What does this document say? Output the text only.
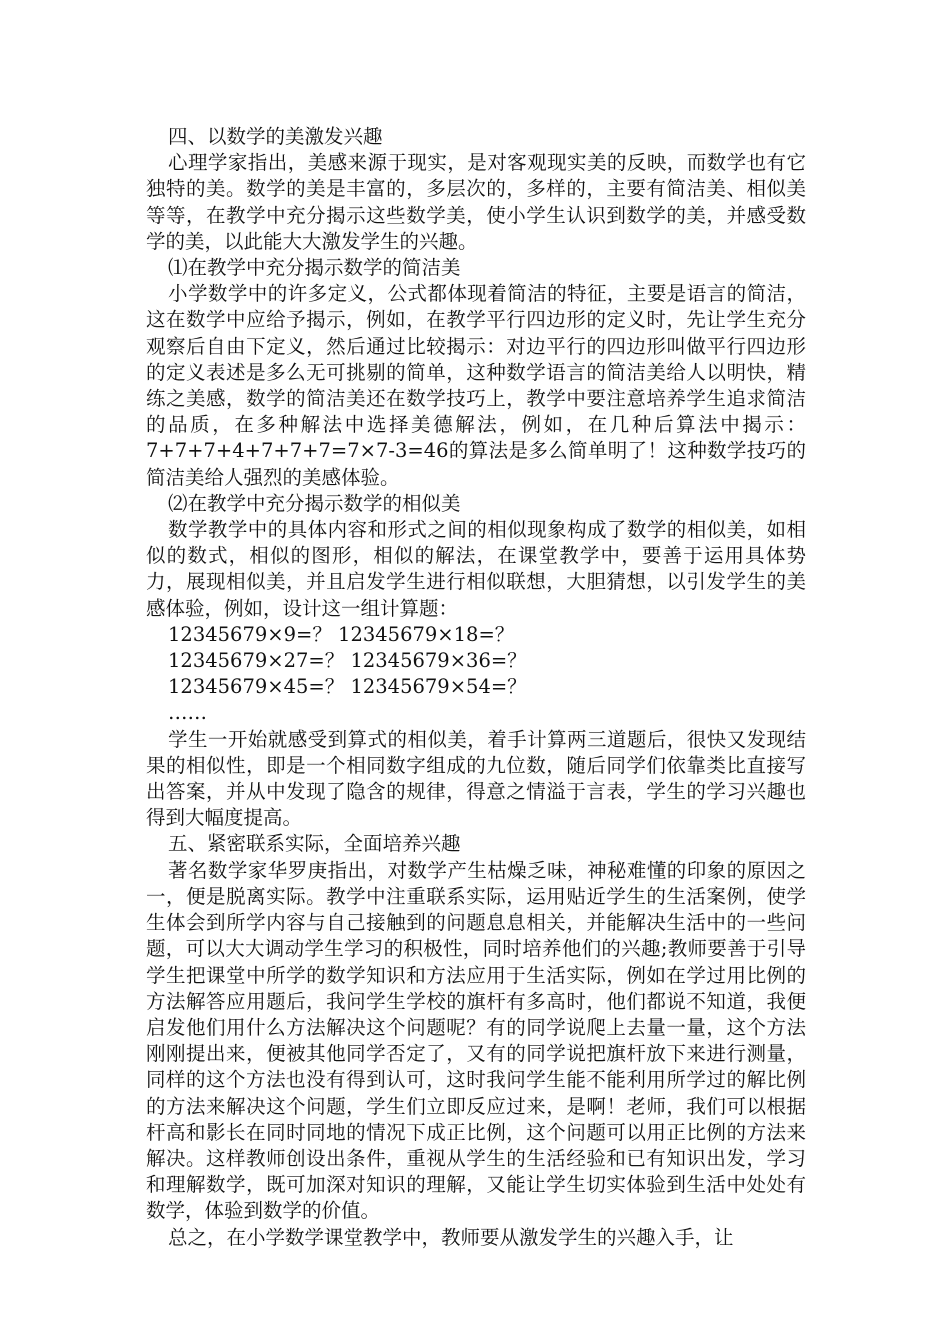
四、以数学的美激发兴趣

心理学家指出，美感来源于现实，是对客观现实美的反映，而数学也有它独特的美。数学的美是丰富的，多层次的，多样的，主要有简洁美、相似美等等，在教学中充分揭示这些数学美，使小学生认识到数学的美，并感受数学的美，以此能大大激发学生的兴趣。

⑴在教学中充分揭示数学的简洁美

小学数学中的许多定义，公式都体现着简洁的特征，主要是语言的简洁，这在数学中应给予揭示，例如，在教学平行四边形的定义时，先让学生充分观察后自由下定义，然后通过比较揭示：对边平行的四边形叫做平行四边形的定义表述是多么无可挑剔的简单，这种数学语言的简洁美给人以明快，精练之美感，数学的简洁美还在数学技巧上，教学中要注意培养学生追求简洁的品质，在多种解法中选择美德解法，例如，在几种后算法中揭示：7+7+7+4+7+7+7=7×7-3=46的算法是多么简单明了！这种数学技巧的简洁美给人强烈的美感体验。

⑵在教学中充分揭示数学的相似美

数学教学中的具体内容和形式之间的相似现象构成了数学的相似美，如相似的数式，相似的图形，相似的解法，在课堂教学中，要善于运用具体势力，展现相似美，并且启发学生进行相似联想，大胆猜想，以引发学生的美感体验，例如，设计这一组计算题：

12345679×9=？ 12345679×18=？

12345679×27=？ 12345679×36=？

12345679×45=？ 12345679×54=？

……

学生一开始就感受到算式的相似美，着手计算两三道题后，很快又发现结果的相似性，即是一个相同数字组成的九位数，随后同学们依靠类比直接写出答案，并从中发现了隐含的规律，得意之情溢于言表，学生的学习兴趣也得到大幅度提高。

五、紧密联系实际，全面培养兴趣

著名数学家华罗庚指出，对数学产生枯燥乏味，神秘难懂的印象的原因之一，便是脱离实际。教学中注重联系实际，运用贴近学生的生活案例，使学生体会到所学内容与自己接触到的问题息息相关，并能解决生活中的一些问题，可以大大调动学生学习的积极性，同时培养他们的兴趣;教师要善于引导学生把课堂中所学的数学知识和方法应用于生活实际，例如在学过用比例的方法解答应用题后，我问学生学校的旗杆有多高时，他们都说不知道，我便启发他们用什么方法解决这个问题呢？有的同学说爬上去量一量，这个方法刚刚提出来，便被其他同学否定了，又有的同学说把旗杆放下来进行测量，同样的这个方法也没有得到认可，这时我问学生能不能利用所学过的解比例的方法来解决这个问题，学生们立即反应过来，是啊！老师，我们可以根据杆高和影长在同时同地的情况下成正比例，这个问题可以用正比例的方法来解决。这样教师创设出条件，重视从学生的生活经验和已有知识出发，学习和理解数学，既可加深对知识的理解，又能让学生切实体验到生活中处处有数学，体验到数学的价值。

总之，在小学数学课堂教学中，教师要从激发学生的兴趣入手，让
